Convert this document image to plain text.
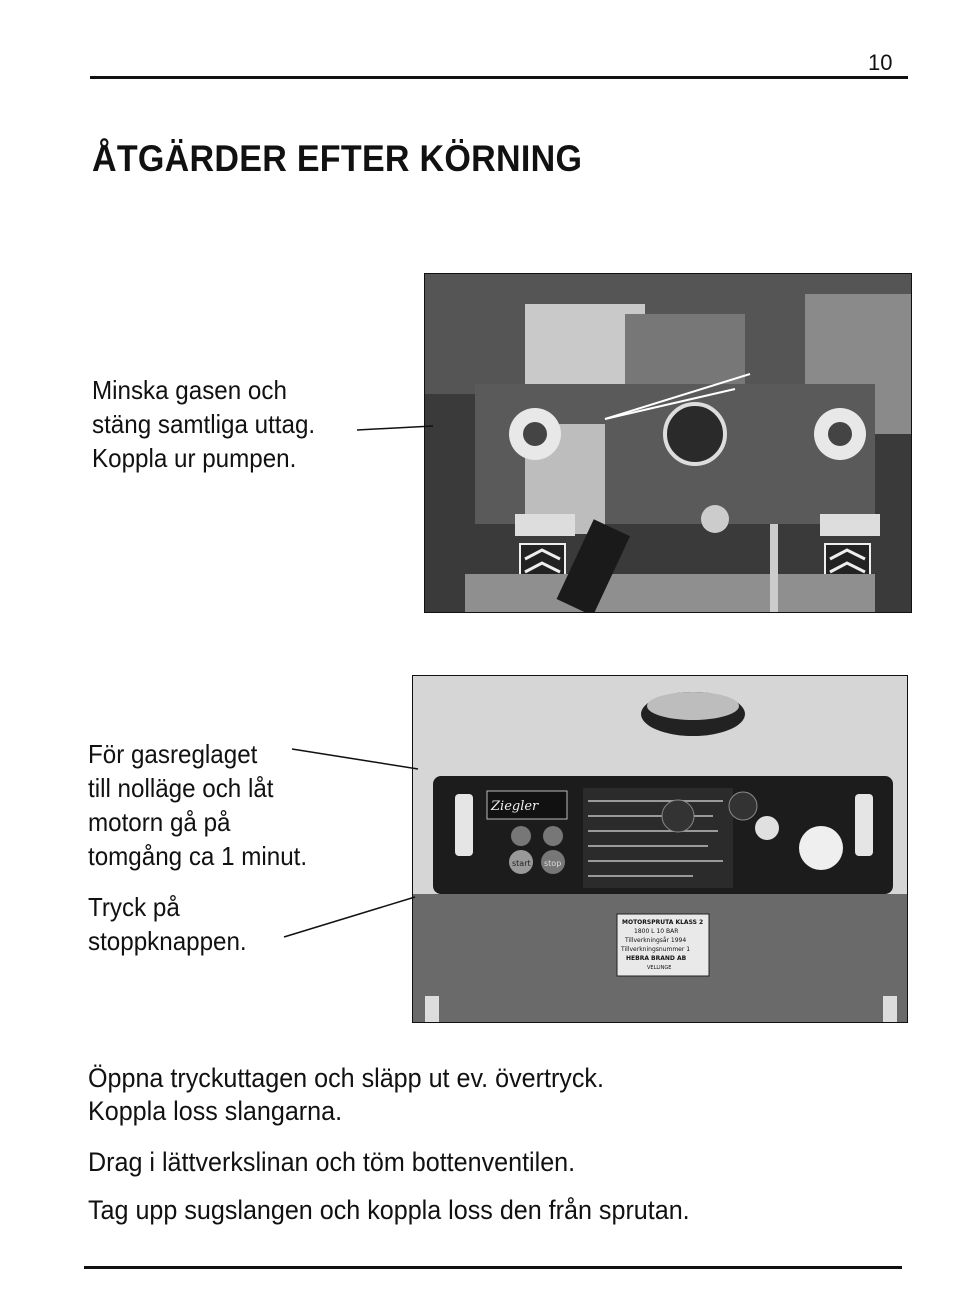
10
ÅTGÄRDER EFTER KÖRNING
Minska gasen och
stäng samtliga uttag.
Koppla ur pumpen.
För gasreglaget
till nolläge och låt
motorn gå på
tomgång ca 1 minut.
Tryck på
stoppknappen.
Ziegler
start stop
MOTORSPRUTA KLASS 2
1800 L 10 BAR
Tillverkningsår 1994
Tillverkningsnummer 1
HEBRA BRAND AB
VELLINGE
Öppna tryckuttagen och släpp ut ev. övertryck.
Koppla loss slangarna.
Drag i lättverkslinan och töm bottenventilen.
Tag upp sugslangen och koppla loss den från sprutan.
